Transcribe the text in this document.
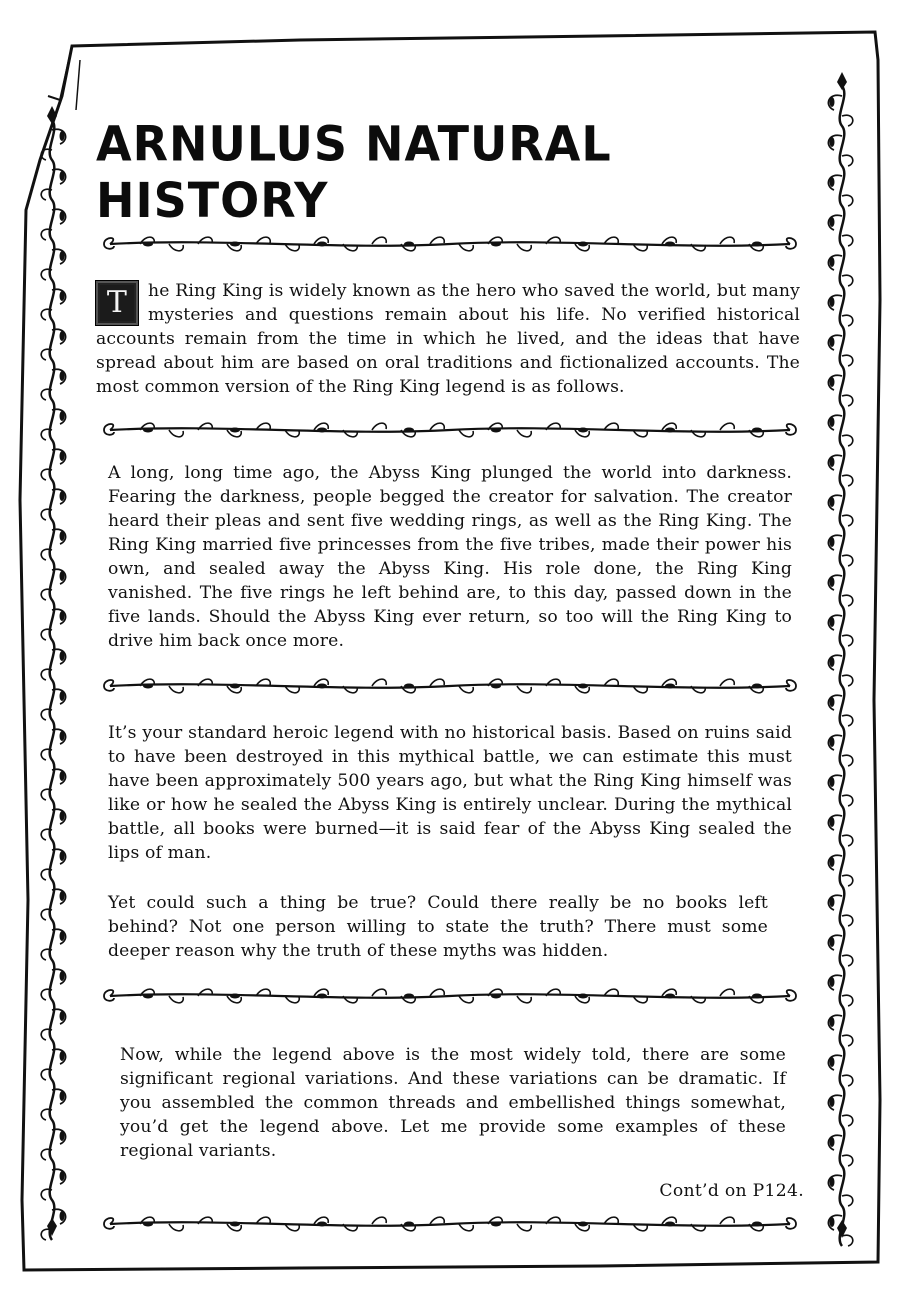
ARNULUS NATURAL HISTORY
T	he Ring King is widely known as the hero who saved the world, but many mysteries and questions remain about his life. No verified historical accounts remain from the time in which he lived, and the ideas that have spread about him are based on oral traditions and fictionalized accounts. The most common version of the Ring King legend is as follows.
A long, long time ago, the Abyss King plunged the world into darkness. Fearing the darkness, people begged the creator for salvation. The creator heard their pleas and sent five wedding rings, as well as the Ring King. The Ring King married five princesses from the five tribes, made their power his own, and sealed away the Abyss King. His role done, the Ring King vanished. The five rings he left behind are, to this day, passed down in the five lands. Should the Abyss King ever return, so too will the Ring King to drive him back once more.
It’s your standard heroic legend with no historical basis. Based on ruins said to have been destroyed in this mythical battle, we can estimate this must have been approximately 500 years ago, but what the Ring King himself was like or how he sealed the Abyss King is entirely unclear. During the mythical battle, all books were burned—it is said fear of the Abyss King sealed the lips of man.
Yet could such a thing be true? Could there really be no books left behind? Not one person willing to state the truth? There must some deeper reason why the truth of these myths was hidden.
Now, while the legend above is the most widely told, there are some significant regional variations. And these variations can be dramatic. If you assembled the common threads and embellished things somewhat, you’d get the legend above. Let me provide some examples of these regional variants.
Cont’d on P124.
